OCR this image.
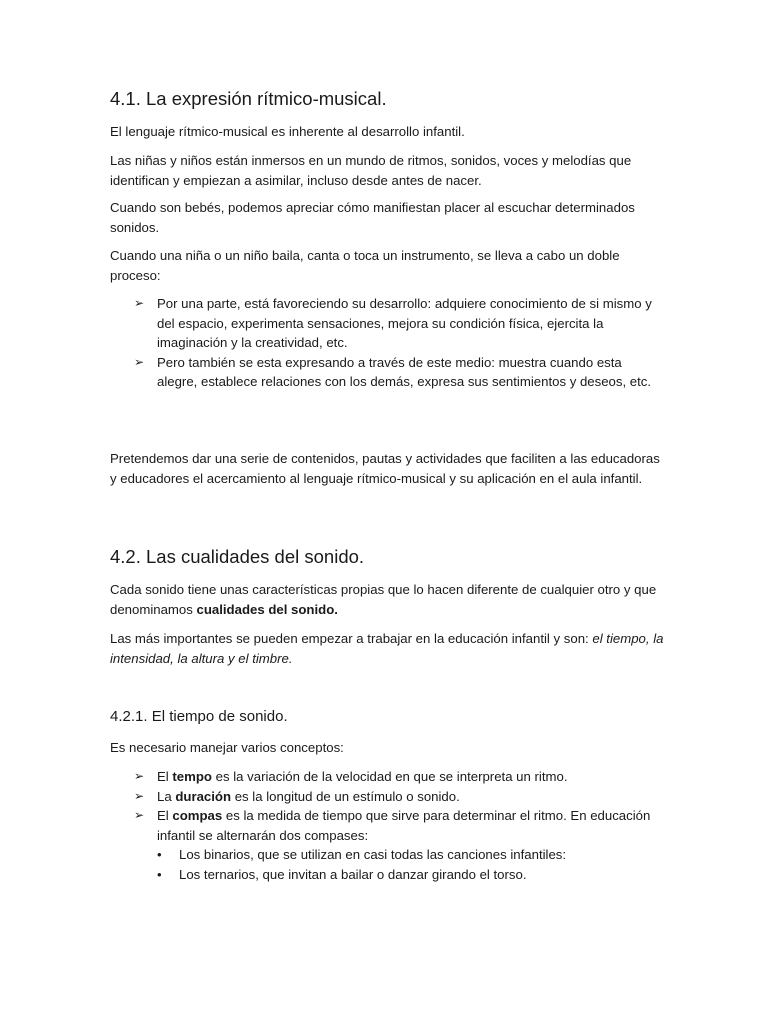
4.1. La expresión rítmico-musical.

El lenguaje rítmico-musical es inherente al desarrollo infantil.

Las niñas y niños están inmersos en un mundo de ritmos, sonidos, voces y melodías que identifican y empiezan a asimilar, incluso desde antes de nacer.

Cuando son bebés, podemos apreciar cómo manifiestan placer al escuchar determinados sonidos.

Cuando una niña o un niño baila, canta o toca un instrumento, se lleva a cabo un doble proceso:

➢ Por una parte, está favoreciendo su desarrollo: adquiere conocimiento de si mismo y del espacio, experimenta sensaciones, mejora su condición física, ejercita la imaginación y la creatividad, etc.
➢ Pero también se esta expresando a través de este medio: muestra cuando esta alegre, establece relaciones con los demás, expresa sus sentimientos y deseos, etc.

Pretendemos dar una serie de contenidos, pautas y actividades que faciliten a las educadoras y educadores el acercamiento al lenguaje rítmico-musical y su aplicación en el aula infantil.

4.2. Las cualidades del sonido.

Cada sonido tiene unas características propias que lo hacen diferente de cualquier otro y que denominamos cualidades del sonido.

Las más importantes se pueden empezar a trabajar en la educación infantil y son: el tiempo, la intensidad, la altura y el timbre.

4.2.1. El tiempo de sonido.

Es necesario manejar varios conceptos:

➢ El tempo es la variación de la velocidad en que se interpreta un ritmo.
➢ La duración es la longitud de un estímulo o sonido.
➢ El compas es la medida de tiempo que sirve para determinar el ritmo. En educación infantil se alternarán dos compases:
• Los binarios, que se utilizan en casi todas las canciones infantiles:
• Los ternarios, que invitan a bailar o danzar girando el torso.
